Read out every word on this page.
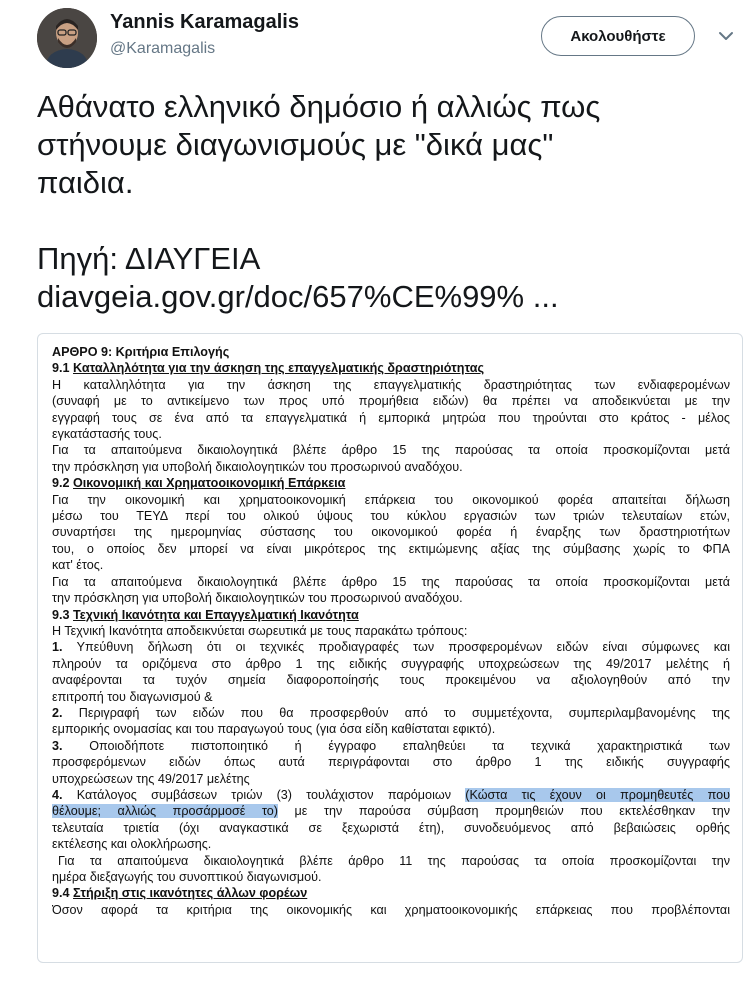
Yannis Karamagalis
@Karamagalis
Ακολουθήστε

Αθάνατο ελληνικό δημόσιο ή αλλιώς πως

στήνουμε διαγωνισμούς με "δικά μας"

παιδια.

Πηγή: ΔΙΑΥΓΕΙΑ

diavgeia.gov.gr/doc/657%CE%99% ...

ΑΡΘΡΟ 9: Κριτήρια Επιλογής
9.1 Καταλληλότητα για την άσκηση της επαγγελματικής δραστηριότητας
Η καταλληλότητα για την άσκηση της επαγγελματικής δραστηριότητας των ενδιαφερομένων
(συναφή με το αντικείμενο των προς υπό προμήθεια ειδών) θα πρέπει να αποδεικνύεται με την
εγγραφή τους σε ένα από τα επαγγελματικά ή εμπορικά μητρώα που τηρούνται στο κράτος - μέλος
εγκατάστασής τους.
Για τα απαιτούμενα δικαιολογητικά βλέπε άρθρο 15 της παρούσας τα οποία προσκομίζονται μετά
την πρόσκληση για υποβολή δικαιολογητικών του προσωρινού αναδόχου.
9.2 Οικονομική και Χρηματοοικονομική Επάρκεια
Για την οικονομική και χρηματοοικονομική επάρκεια του οικονομικού φορέα απαιτείται δήλωση
μέσω του ΤΕΥΔ περί του ολικού ύψους του κύκλου εργασιών των τριών τελευταίων ετών,
συναρτήσει της ημερομηνίας σύστασης του οικονομικού φορέα ή έναρξης των δραστηριοτήτων
του, ο οποίος δεν μπορεί να είναι μικρότερος της εκτιμώμενης αξίας της σύμβασης χωρίς το ΦΠΑ
κατ' έτος.
Για τα απαιτούμενα δικαιολογητικά βλέπε άρθρο 15 της παρούσας τα οποία προσκομίζονται μετά
την πρόσκληση για υποβολή δικαιολογητικών του προσωρινού αναδόχου.
9.3 Τεχνική Ικανότητα και Επαγγελματική Ικανότητα
Η Τεχνική Ικανότητα αποδεικνύεται σωρευτικά με τους παρακάτω τρόπους:
1. Υπεύθυνη δήλωση ότι οι τεχνικές προδιαγραφές των προσφερομένων ειδών είναι σύμφωνες και
πληρούν τα οριζόμενα στο άρθρο 1 της ειδικής συγγραφής υποχρεώσεων της 49/2017 μελέτης ή
αναφέρονται τα τυχόν σημεία διαφοροποίησής τους προκειμένου να αξιολογηθούν από την
επιτροπή του διαγωνισμού &
2. Περιγραφή των ειδών που θα προσφερθούν από το συμμετέχοντα, συμπεριλαμβανομένης της
εμπορικής ονομασίας και του παραγωγού τους (για όσα είδη καθίσταται εφικτό).
3. Οποιοδήποτε πιστοποιητικό ή έγγραφο επαληθεύει τα τεχνικά χαρακτηριστικά των
προσφερόμενων ειδών όπως αυτά περιγράφονται στο άρθρο 1 της ειδικής συγγραφής
υποχρεώσεων της 49/2017 μελέτης
4. Κατάλογος συμβάσεων τριών (3) τουλάχιστον παρόμοιων (Κώστα τις έχουν οι προμηθευτές που
θέλουμε; αλλιώς προσάρμοσέ το) με την παρούσα σύμβαση προμηθειών που εκτελέσθηκαν την
τελευταία τριετία (όχι αναγκαστικά σε ξεχωριστά έτη), συνοδευόμενος από βεβαιώσεις ορθής
εκτέλεσης και ολοκλήρωσης.
Για τα απαιτούμενα δικαιολογητικά βλέπε άρθρο 11 της παρούσας τα οποία προσκομίζονται την
ημέρα διεξαγωγής του συνοπτικού διαγωνισμού.
9.4 Στήριξη στις ικανότητες άλλων φορέων
Όσον αφορά τα κριτήρια της οικονομικής και χρηματοοικονομικής επάρκειας που προβλέπονται
